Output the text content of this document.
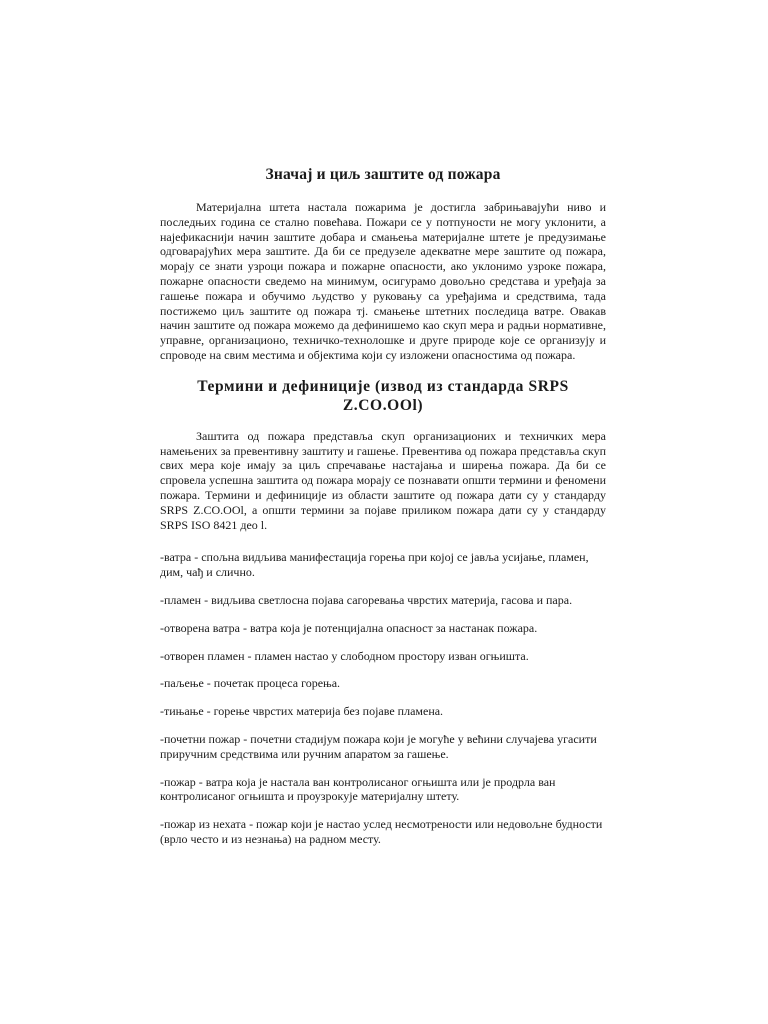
Значај и циљ заштите од пожара

Материјална штета настала пожарима је достигла забрињавајући ниво и последњих година се стално повећава. Пожари се у потпуности не могу уклонити, а најефикаснији начин заштите добара и смањења материјалне штете је предузимање одговарајућих мера заштите. Да би се предузеле адекватне мере заштите од пожара, морају се знати узроци пожара и пожарне опасности, ако уклонимо узроке пожара, пожарне опасности сведемо на минимум, осигурамо довољно средстава и уређаја за гашење пожара и обучимо људство у руковању са уређајима и средствима, тада постижемо циљ заштите од пожара тј. смањење штетних последица ватре. Овакав начин заштите од пожара можемо да дефинишемо као скуп мера и радњи нормативне, управне, организационо, техничко-технолошке и друге природе које се организују и спроводе на свим местима и објектима који су изложени опасностима од пожара.

Термини и дефиниције (извод из стандарда SRPS Z.CO.OOl)

Заштита од пожара представља скуп организационих и техничких мера намењених за превентивну заштиту и гашење. Превентива од пожара представља скуп свих мера које имају за циљ спречавање настајања и ширења пожара. Да би се спровела успешна заштита од пожара морају се познавати општи термини и феномени пожара. Термини и дефиниције из области заштите од пожара дати су у стандарду SRPS Z.CO.OOl, а општи термини за појаве приликом пожара дати су у стандарду SRPS ISO 8421 део l.

-ватра - спољна видљива манифестација горења при којој се јавља усијање, пламен, дим, чађ и слично.
-пламен - видљива светлосна појава сагоревања чврстих материја, гасова и пара.
-отворена ватра - ватра која је потенцијална опасност за настанак пожара.
-отворен пламен - пламен настао у слободном простору изван огњишта.
-паљење - почетак процеса горења.
-тињање - горење чврстих материја без појаве пламена.
-почетни пожар - почетни стадијум пожара који је могуће у већини случајева угасити приручним средствима или ручним апаратом за гашење.
-пожар - ватра која је настала ван контролисаног огњишта или је продрла ван контролисаног огњишта и проузрокује материјалну штету.
-пожар из нехата - пожар који је настао услед несмотрености или недовољне будности (врло често и из незнања) на радном месту.
